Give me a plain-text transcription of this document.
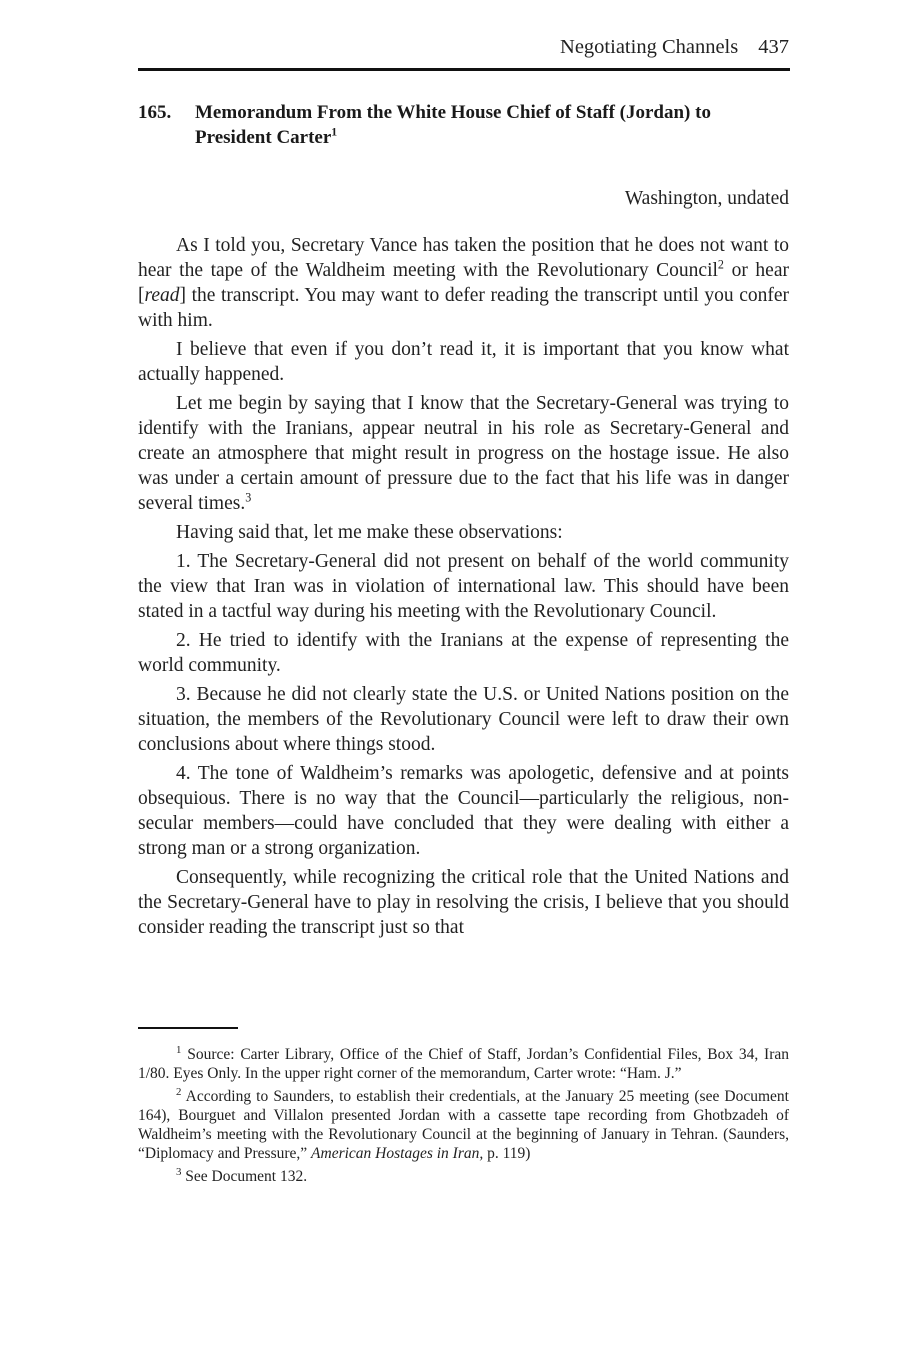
Negotiating Channels 437
165. Memorandum From the White House Chief of Staff (Jordan) to President Carter$^1$
Washington, undated

As I told you, Secretary Vance has taken the position that he does not want to hear the tape of the Waldheim meeting with the Revolutionary Council$^2$ or hear [read] the transcript. You may want to defer reading the transcript until you confer with him.

I believe that even if you don’t read it, it is important that you know what actually happened.

Let me begin by saying that I know that the Secretary-General was trying to identify with the Iranians, appear neutral in his role as Secretary-General and create an atmosphere that might result in progress on the hostage issue. He also was under a certain amount of pressure due to the fact that his life was in danger several times.$^3$

Having said that, let me make these observations:

1. The Secretary-General did not present on behalf of the world community the view that Iran was in violation of international law. This should have been stated in a tactful way during his meeting with the Revolutionary Council.

2. He tried to identify with the Iranians at the expense of representing the world community.

3. Because he did not clearly state the U.S. or United Nations position on the situation, the members of the Revolutionary Council were left to draw their own conclusions about where things stood.

4. The tone of Waldheim’s remarks was apologetic, defensive and at points obsequious. There is no way that the Council—particularly the religious, non-secular members—could have concluded that they were dealing with either a strong man or a strong organization.

Consequently, while recognizing the critical role that the United Nations and the Secretary-General have to play in resolving the crisis, I believe that you should consider reading the transcript just so that

$^1$ Source: Carter Library, Office of the Chief of Staff, Jordan’s Confidential Files, Box 34, Iran 1/80. Eyes Only. In the upper right corner of the memorandum, Carter wrote: “Ham. J.”

$^2$ According to Saunders, to establish their credentials, at the January 25 meeting (see Document 164), Bourguet and Villalon presented Jordan with a cassette tape recording from Ghotbzadeh of Waldheim’s meeting with the Revolutionary Council at the beginning of January in Tehran. (Saunders, “Diplomacy and Pressure,” American Hostages in Iran, p. 119)

$^3$ See Document 132.
